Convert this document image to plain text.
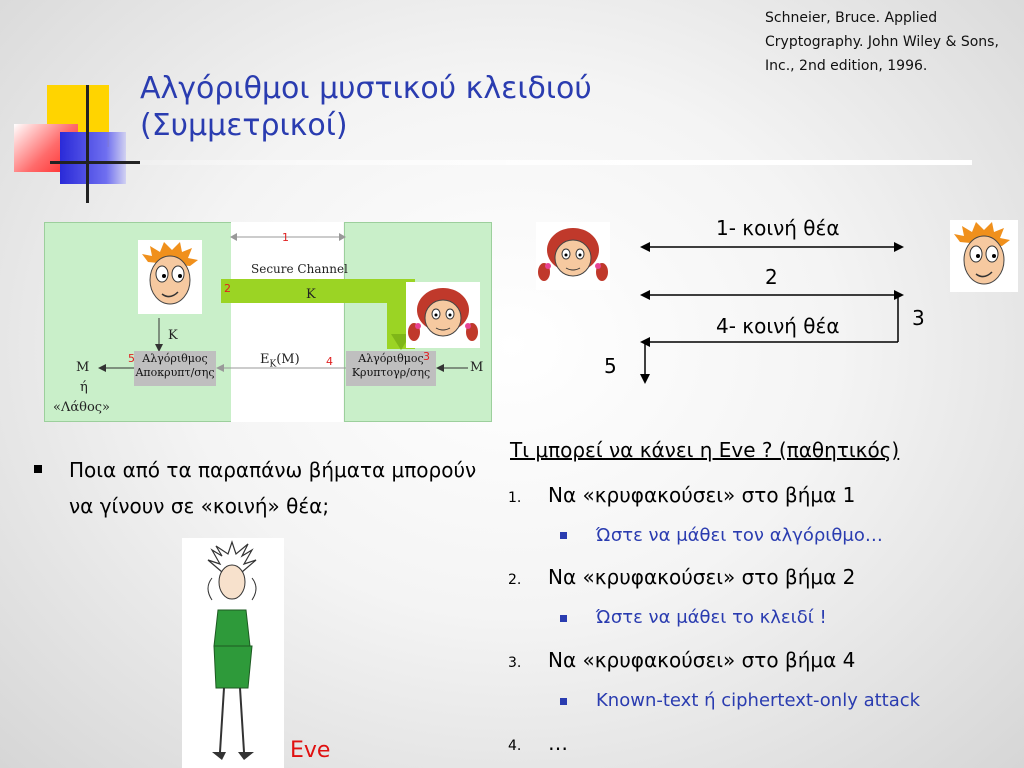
Schneier, Bruce. Applied Cryptography. John Wiley & Sons, Inc., 2nd edition, 1996.
Αλγόριθμοι μυστικού κλειδιού
(Συμμετρικοί)
1
Secure Channel
2	K
K
Αλγόριθμος Αποκρυπτ/σης
Αλγόριθμος Κρυπτογρ/σης
5	3
$E_K(M)$ 4	M
M
ή
«Λάθος»
1- κοινή θέα
2
3
4- κοινή θέα
5
Ποια από τα παραπάνω βήματα μπορούν να γίνουν σε «κοινή» θέα;
Eve
Τι μπορεί να κάνει η Eve ? (παθητικός)
1. Να «κρυφακούσει» στο βήμα 1
Ώστε να μάθει τον αλγόριθμο…
2. Να «κρυφακούσει» στο βήμα 2
Ώστε να μάθει το κλειδί !
3. Να «κρυφακούσει» στο βήμα 4
Known-text ή ciphertext-only attack
4. …
